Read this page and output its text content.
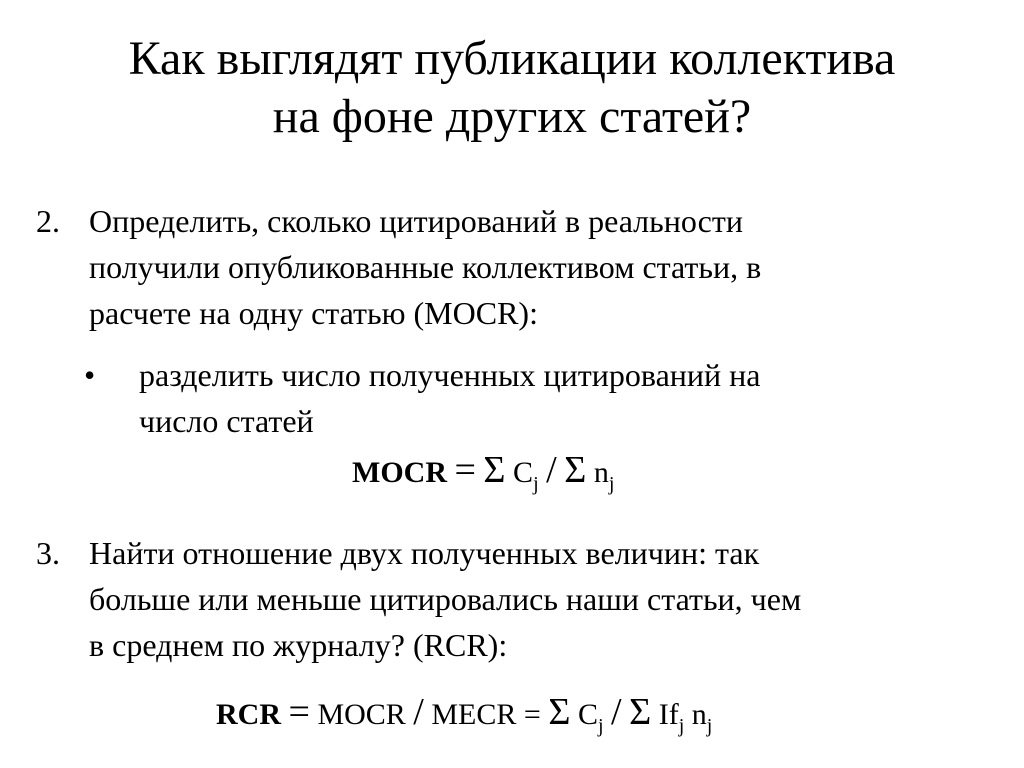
Как выглядят публикации коллектива
на фоне других статей?
2. Определить, сколько цитирований в реальности
получили опубликованные коллективом статьи, в
расчете на одну статью (MOCR):
• разделить число полученных цитирований на
число статей
MOCR = Σ $C_j$ / Σ $n_j$
3. Найти отношение двух полученных величин: так
больше или меньше цитировались наши статьи, чем
в среднем по журналу? (RCR):
RCR = MOCR / MECR = Σ $C_j$ / Σ $If_j$ $n_j$
